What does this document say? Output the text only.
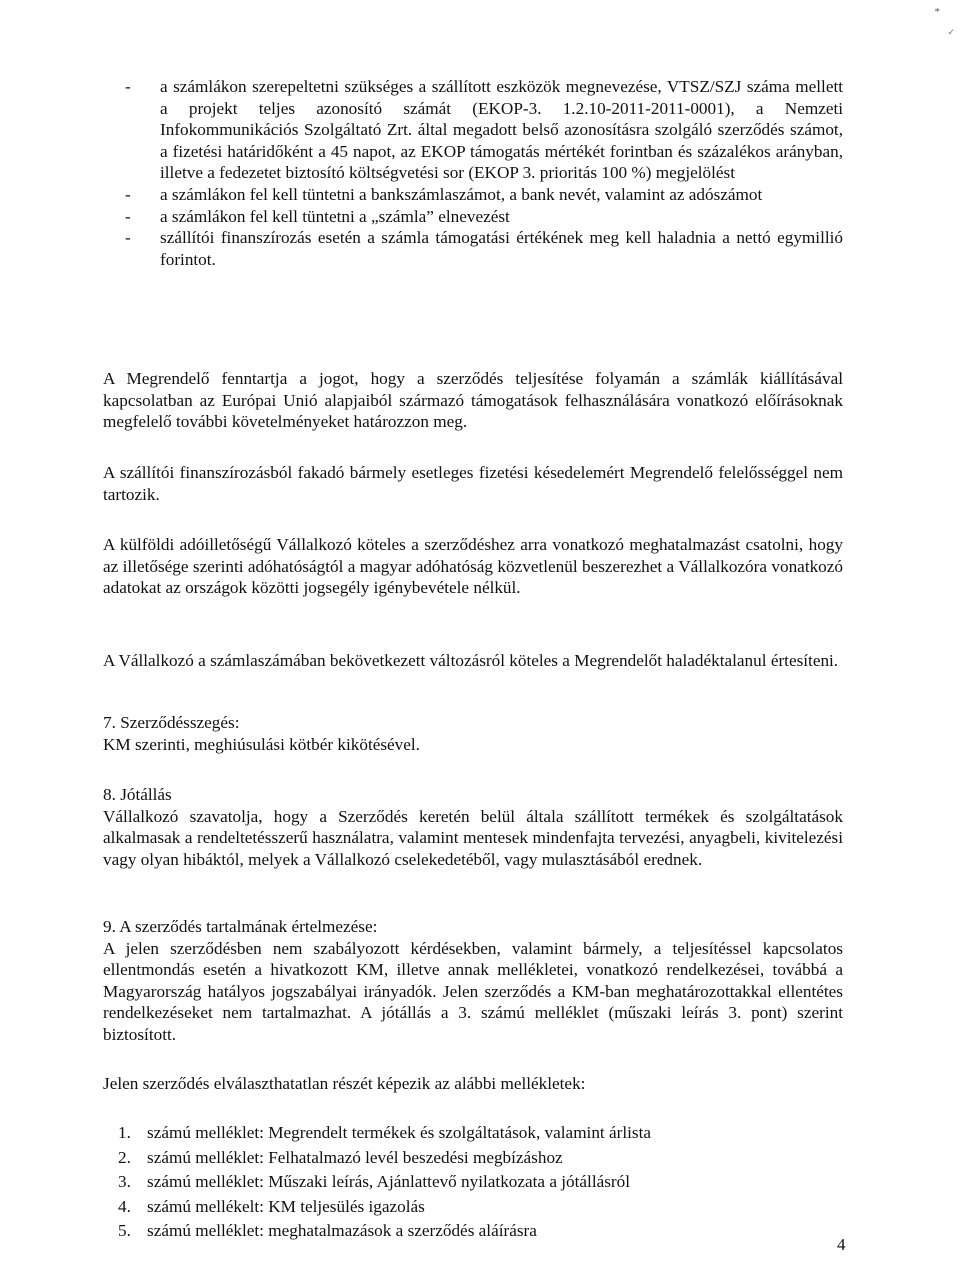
*
✓
- a számlákon szerepeltetni szükséges a szállított eszközök megnevezése, VTSZ/SZJ száma mellett a projekt teljes azonosító számát (EKOP-3. 1.2.10-2011-2011-0001), a Nemzeti Infokommunikációs Szolgáltató Zrt. által megadott belső azonosításra szolgáló szerződés számot, a fizetési határidőként a 45 napot, az EKOP támogatás mértékét forintban és százalékos arányban, illetve a fedezetet biztosító költségvetési sor (EKOP 3. prioritás 100 %) megjelölést
- a számlákon fel kell tüntetni a bankszámlaszámot, a bank nevét, valamint az adószámot
- a számlákon fel kell tüntetni a „számla” elnevezést
- szállítói finanszírozás esetén a számla támogatási értékének meg kell haladnia a nettó egymillió forintot.
A Megrendelő fenntartja a jogot, hogy a szerződés teljesítése folyamán a számlák kiállításával kapcsolatban az Európai Unió alapjaiból származó támogatások felhasználására vonatkozó előírásoknak megfelelő további követelményeket határozzon meg.
A szállítói finanszírozásból fakadó bármely esetleges fizetési késedelemért Megrendelő felelősséggel nem tartozik.
A külföldi adóilletőségű Vállalkozó köteles a szerződéshez arra vonatkozó meghatalmazást csatolni, hogy az illetősége szerinti adóhatóságtól a magyar adóhatóság közvetlenül beszerezhet a Vállalkozóra vonatkozó adatokat az országok közötti jogsegély igénybevétele nélkül.
A Vállalkozó a számlaszámában bekövetkezett változásról köteles a Megrendelőt haladéktalanul értesíteni.
7. Szerződésszegés:
KM szerinti, meghiúsulási kötbér kikötésével.
8. Jótállás
Vállalkozó szavatolja, hogy a Szerződés keretén belül általa szállított termékek és szolgáltatások alkalmasak a rendeltetésszerű használatra, valamint mentesek mindenfajta tervezési, anyagbeli, kivitelezési vagy olyan hibáktól, melyek a Vállalkozó cselekedetéből, vagy mulasztásából erednek.
9. A szerződés tartalmának értelmezése:
A jelen szerződésben nem szabályozott kérdésekben, valamint bármely, a teljesítéssel kapcsolatos ellentmondás esetén a hivatkozott KM, illetve annak mellékletei, vonatkozó rendelkezései, továbbá a Magyarország hatályos jogszabályai irányadók. Jelen szerződés a KM-ban meghatározottakkal ellentétes rendelkezéseket nem tartalmazhat. A jótállás a 3. számú melléklet (műszaki leírás 3. pont) szerint biztosított.
Jelen szerződés elválaszthatatlan részét képezik az alábbi mellékletek:
1. számú melléklet: Megrendelt termékek és szolgáltatások, valamint árlista
2. számú melléklet: Felhatalmazó levél beszedési megbízáshoz
3. számú melléklet: Műszaki leírás, Ajánlattevő nyilatkozata a jótállásról
4. számú mellékelt: KM teljesülés igazolás
5. számú melléklet: meghatalmazások a szerződés aláírásra
4
